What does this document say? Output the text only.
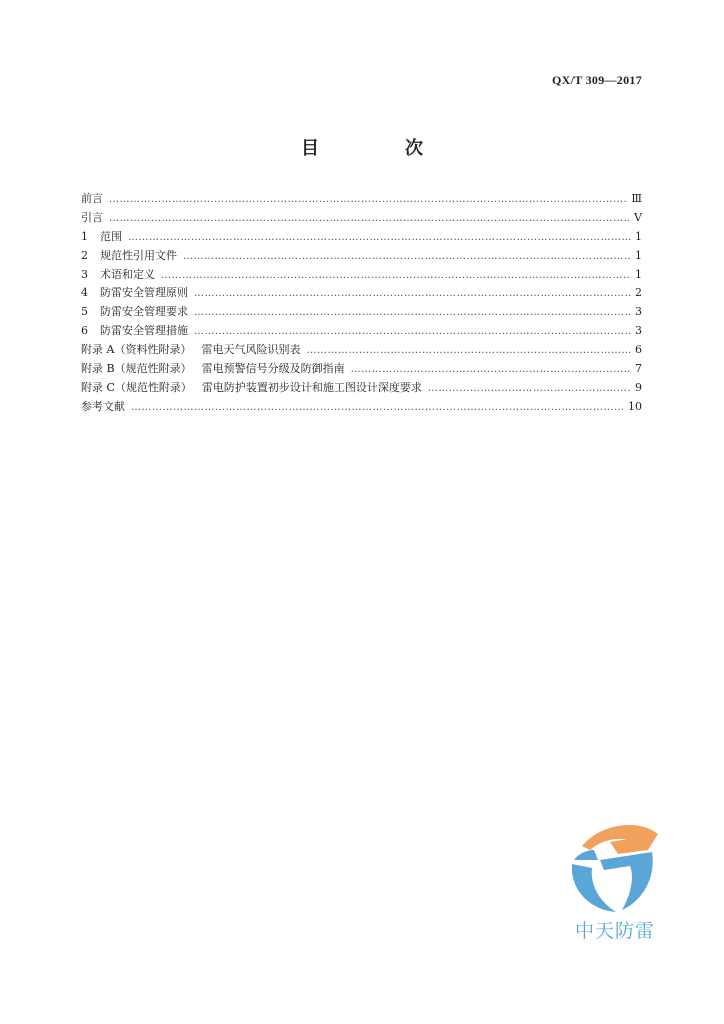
QX/T 309—2017
目　次
前言 ……………………………………………………………………………………………………………………………………………………………………………………………………	Ⅲ
引言 ……………………………………………………………………………………………………………………………………………………………………………………………………	Ⅴ
1	范围 ……………………………………………………………………………………………………………………………………………………………………………………………………	1
2	规范性引用文件 ……………………………………………………………………………………………………………………………………………………………………………………………………	1
3	术语和定义 ……………………………………………………………………………………………………………………………………………………………………………………………………	1
4	防雷安全管理原则 ……………………………………………………………………………………………………………………………………………………………………………………………………	2
5	防雷安全管理要求 ……………………………………………………………………………………………………………………………………………………………………………………………………	3
6	防雷安全管理措施 ……………………………………………………………………………………………………………………………………………………………………………………………………	3
附录 A（资料性附录） 雷电天气风险识别表 ……………………………………………………………………………………………………………………………………………………………………………………………………	6
附录 B（规范性附录） 雷电预警信号分级及防御指南 ……………………………………………………………………………………………………………………………………………………………………………………………………	7
附录 C（规范性附录） 雷电防护装置初步设计和施工图设计深度要求 ……………………………………………………………………………………………………………………………………………………………………………………………………	9
参考文献 ……………………………………………………………………………………………………………………………………………………………………………………………………	10
中天防雷
